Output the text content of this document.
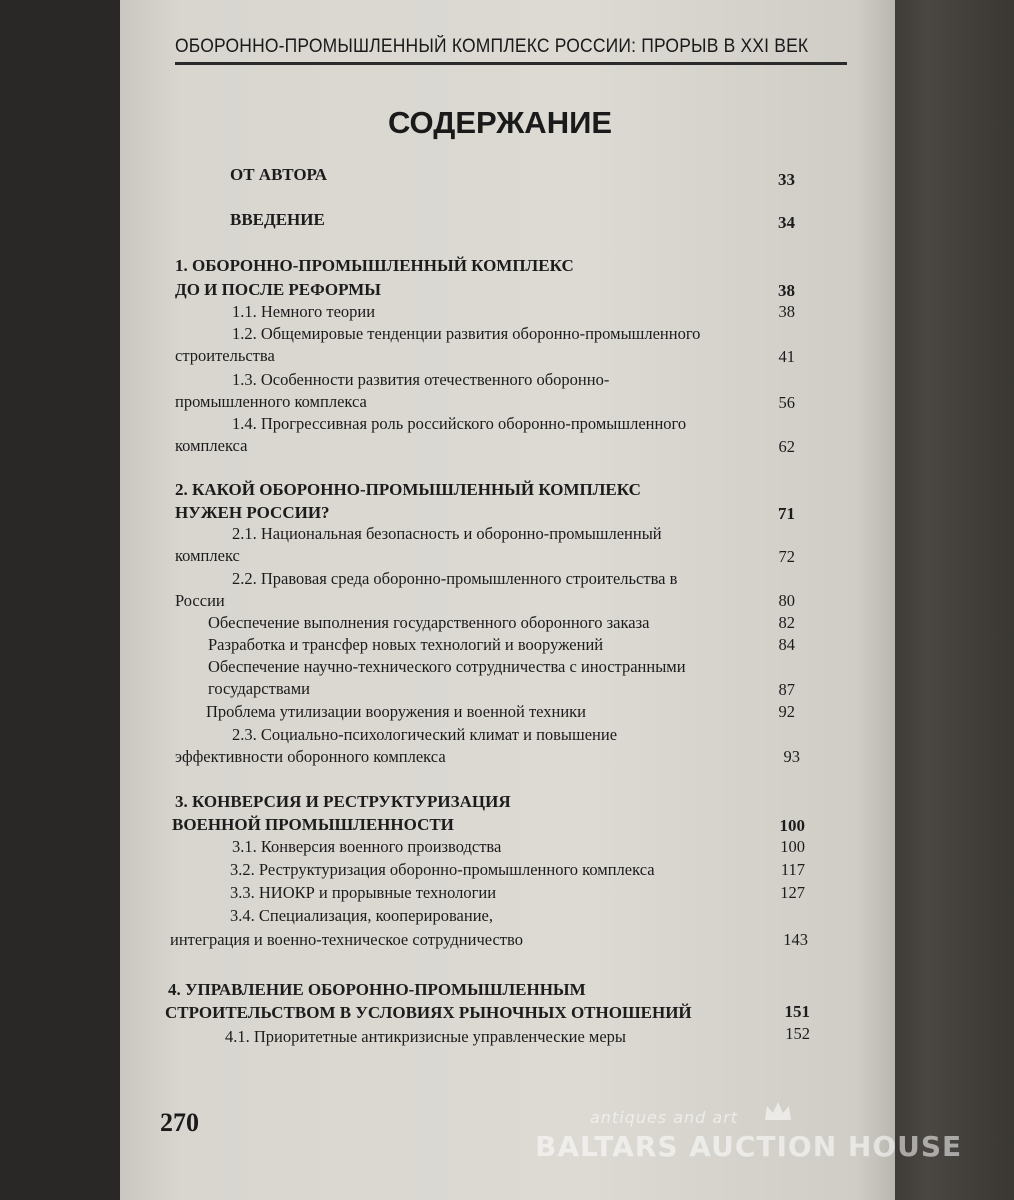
ОБОРОННО-ПРОМЫШЛЕННЫЙ КОМПЛЕКС РОССИИ: ПРОРЫВ В XXI ВЕК
СОДЕРЖАНИЕ
ОТ АВТОРА	33
ВВЕДЕНИЕ	34
1. ОБОРОННО-ПРОМЫШЛЕННЫЙ КОМПЛЕКС
ДО И ПОСЛЕ РЕФОРМЫ	38
1.1. Немного теории	38
1.2. Общемировые тенденции развития оборонно-промышленного
строительства	41
1.3. Особенности развития отечественного оборонно-
промышленного комплекса	56
1.4. Прогрессивная роль российского оборонно-промышленного
комплекса	62
2. КАКОЙ ОБОРОННО-ПРОМЫШЛЕННЫЙ КОМПЛЕКС
НУЖЕН РОССИИ?	71
2.1. Национальная безопасность и оборонно-промышленный
комплекс	72
2.2. Правовая среда оборонно-промышленного строительства в
России	80
Обеспечение выполнения государственного оборонного заказа	82
Разработка и трансфер новых технологий и вооружений	84
Обеспечение научно-технического сотрудничества с иностранными
государствами	87
Проблема утилизации вооружения и военной техники	92
2.3. Социально-психологический климат и повышение
эффективности оборонного комплекса	93
3. КОНВЕРСИЯ И РЕСТРУКТУРИЗАЦИЯ
ВОЕННОЙ ПРОМЫШЛЕННОСТИ	100
3.1. Конверсия военного производства	100
3.2. Реструктуризация оборонно-промышленного комплекса	117
3.3. НИОКР и прорывные технологии	127
3.4. Специализация, кооперирование,
интеграция и военно-техническое сотрудничество	143
4. УПРАВЛЕНИЕ ОБОРОННО-ПРОМЫШЛЕННЫМ
СТРОИТЕЛЬСТВОМ В УСЛОВИЯХ РЫНОЧНЫХ ОТНОШЕНИЙ	151
4.1. Приоритетные антикризисные управленческие меры	152
270	antiques and art
BALTARS AUCTION HOUSE
